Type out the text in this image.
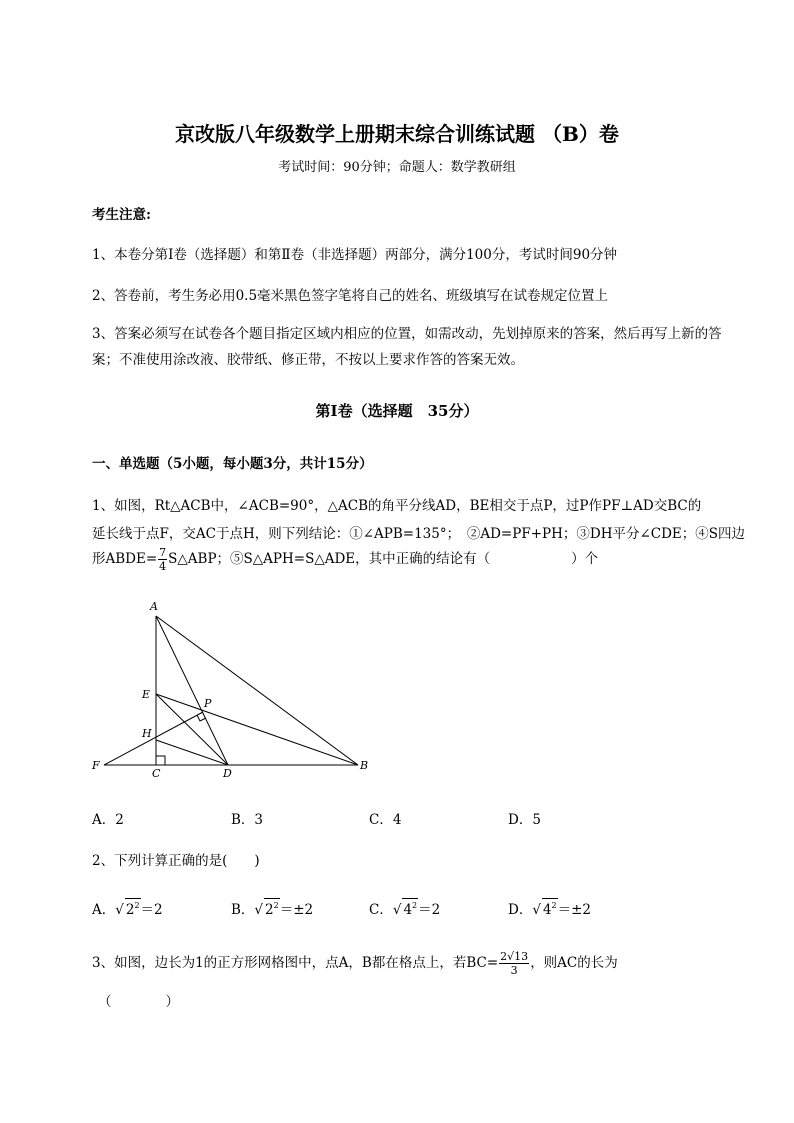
京改版八年级数学上册期末综合训练试题 （B）卷
考试时间：90分钟；命题人：数学教研组
考生注意:
1、本卷分第I卷（选择题）和第Ⅱ卷（非选择题）两部分，满分100分，考试时间90分钟
2、答卷前，考生务必用0.5毫米黑色签字笔将自己的姓名、班级填写在试卷规定位置上
3、答案必须写在试卷各个题目指定区域内相应的位置，如需改动，先划掉原来的答案，然后再写上新的答案；不准使用涂改液、胶带纸、修正带，不按以上要求作答的答案无效。
第I卷（选择题　35分）
一、单选题（5小题，每小题3分，共计15分）
1、如图，Rt△ACB中，∠ACB=90°，△ACB的角平分线AD，BE相交于点P，过P作PF⊥AD交BC的
延长线于点F，交AC于点H，则下列结论：①∠APB=135°；　②AD=PF+PH；③DH平分∠CDE；④S四边
形ABDE= $\frac{7}{4}$ S△ABP；⑤S△APH=S△ADE，其中正确的结论有（　　　　　　）个
A
E
P
H
F
C	D
B
A．2	B．3	C．4	D．5
2、下列计算正确的是(　　)
A．√ $2^2=2$	B．√ $2^2=\pm 2$	C．√ $4^2=2$	D．√ $4^2=\pm 2$
3、如图，边长为1的正方形网格图中，点A，B都在格点上，若$BC= \frac{2√13}{3}$ ，则AC的长为
（　　　　）
